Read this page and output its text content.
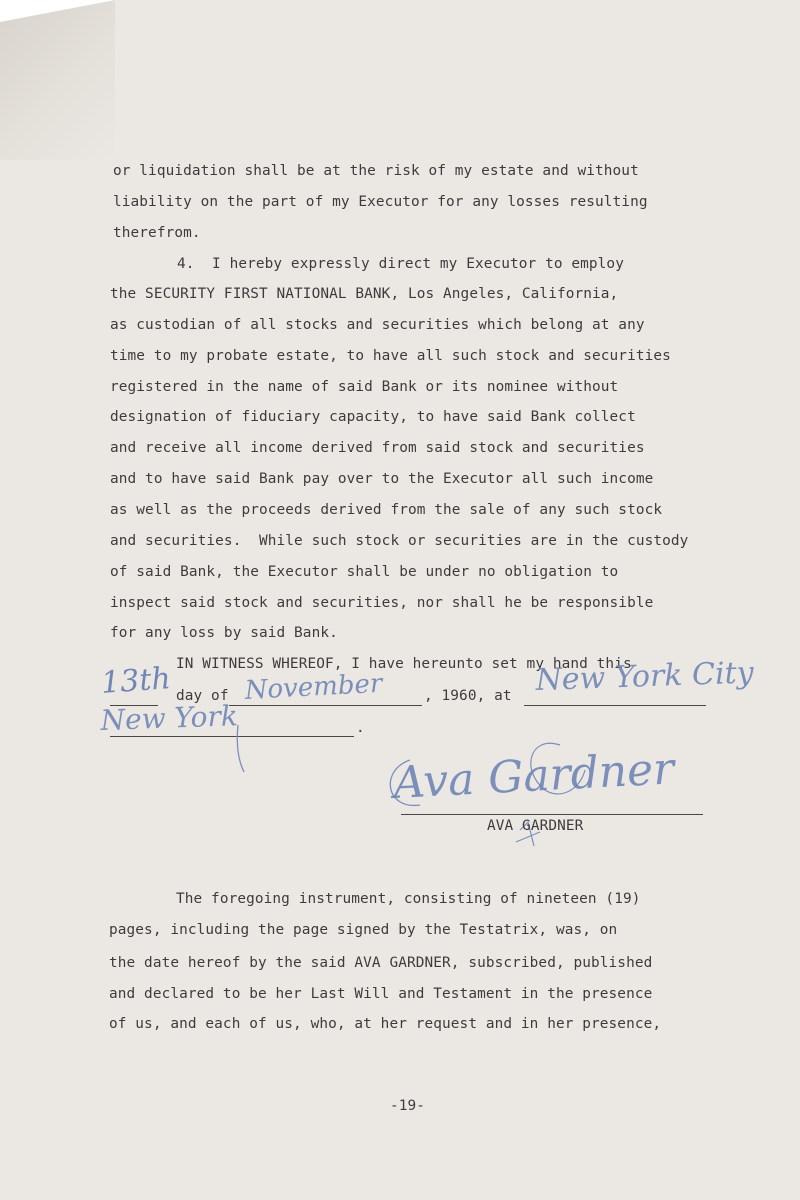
or liquidation shall be at the risk of my estate and without

liability on the part of my Executor for any losses resulting

therefrom.

4.  I hereby expressly direct my Executor to employ

the SECURITY FIRST NATIONAL BANK, Los Angeles, California,

as custodian of all stocks and securities which belong at any

time to my probate estate, to have all such stock and securities

registered in the name of said Bank or its nominee without

designation of fiduciary capacity, to have said Bank collect

and receive all income derived from said stock and securities

and to have said Bank pay over to the Executor all such income

as well as the proceeds derived from the sale of any such stock

and securities.  While such stock or securities are in the custody

of said Bank, the Executor shall be under no obligation to

inspect said stock and securities, nor shall he be responsible

for any loss by said Bank.

IN WITNESS WHEREOF, I have hereunto set my hand this

day of

	, 1960, at

.

13th	November	New York City
New York
Ava Gardner
AVA GARDNER

The foregoing instrument, consisting of nineteen (19)

pages, including the page signed by the Testatrix, was, on

the date hereof by the said AVA GARDNER, subscribed, published

and declared to be her Last Will and Testament in the presence

of us, and each of us, who, at her request and in her presence,

-19-
